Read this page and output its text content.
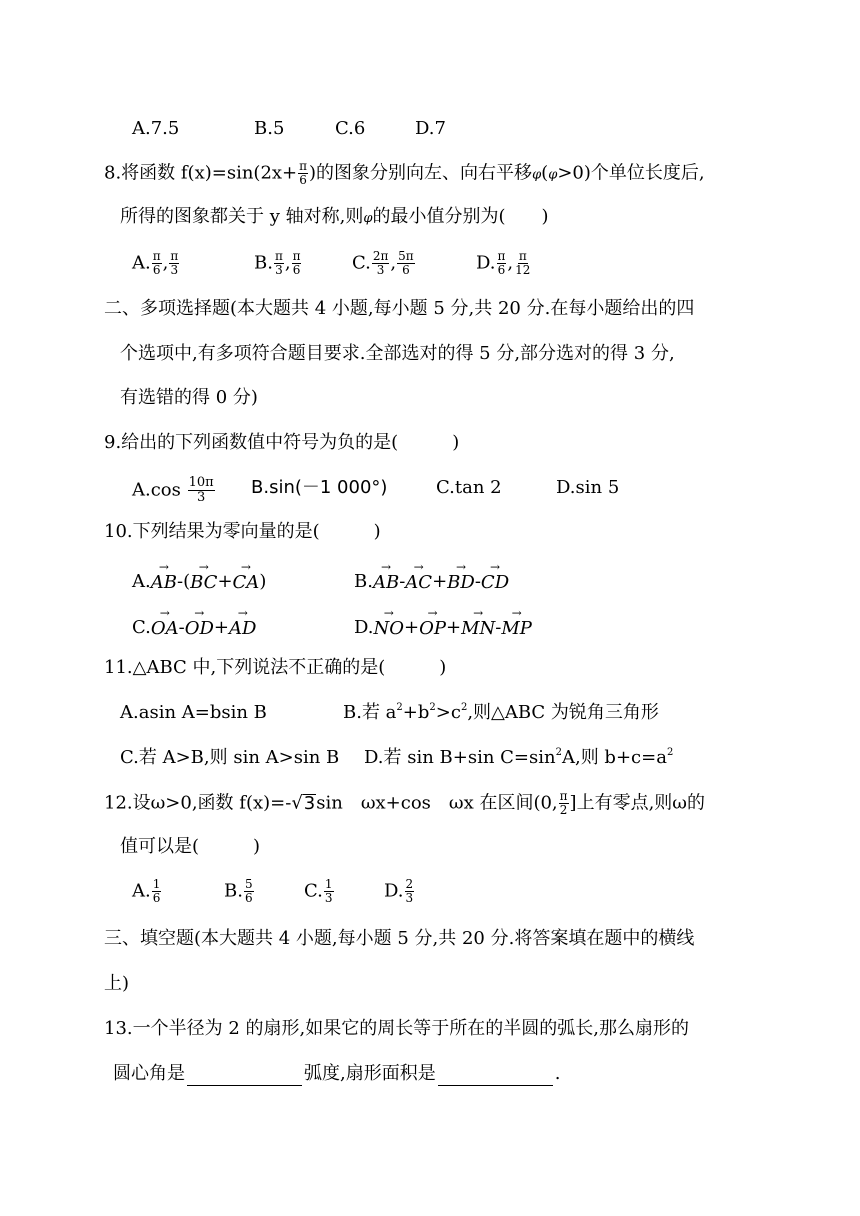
A.7.5	B.5	C.6	D.7
8.将函数 $f(x)=\sin(2x+ \frac{\pi}{6}$ )的图象分别向左、向右平移φ(φ>0)个单位长度后,
所得的图象都关于 y 轴对称,则φ的最小值分别为(　　)
A. $\frac{\pi}{6}$ , $\frac{\pi}{3}$	B. $\frac{\pi}{3}$ , $\frac{\pi}{6}$	C. $\frac{2\pi}{3}$ , $\frac{5\pi}{6}$	D. $\frac{\pi}{6}$ , $\frac{\pi}{12}$
二、多项选择题(本大题共 4 小题,每小题 5 分,共 20 分.在每小题给出的四
个选项中,有多项符合题目要求.全部选对的得 5 分,部分选对的得 3 分,
有选错的得 0 分)
9.给出的下列函数值中符号为负的是(　　　)
$A.\cos \frac{10\pi}{3} B.\sin(-1$ 000°)	C.tan 2	D.sin 5
10.下列结果为零向量的是(　　　)
A.
→
AB -(
→
BC +
→
CA )	B.
→
AB -
→
AC +
→
BD -
→
CD
C.
→
OA -
→
OD +
→
AD	D.
→
NO +
→
OP +
→
MN -
→
MP
11.△ABC 中,下列说法不正确的是(　　　)
A.asin A=bsin B	B.若 $a^2+b^2>c^2$,则△ABC 为锐角三角形
C.若 A>B,则 sin A>sin B D.若 sin B+sin $C=\sin^2A$,则 $b+c=a^2$
12.设ω>0,函数 f(x)=-√3sin　ωx+cos　ωx 在区间(0, $\frac{\pi}{2}$ ]上有零点,则ω的
值可以是(　　　)
A. $\frac{1}{6}$	B. $\frac{5}{6}$	C. $\frac{1}{3}$	D. $\frac{2}{3}$
三、填空题(本大题共 4 小题,每小题 5 分,共 20 分.将答案填在题中的横线
上)
13.一个半径为 2 的扇形,如果它的周长等于所在的半圆的弧长,那么扇形的
圆心角是	弧度,扇形面积是	.
